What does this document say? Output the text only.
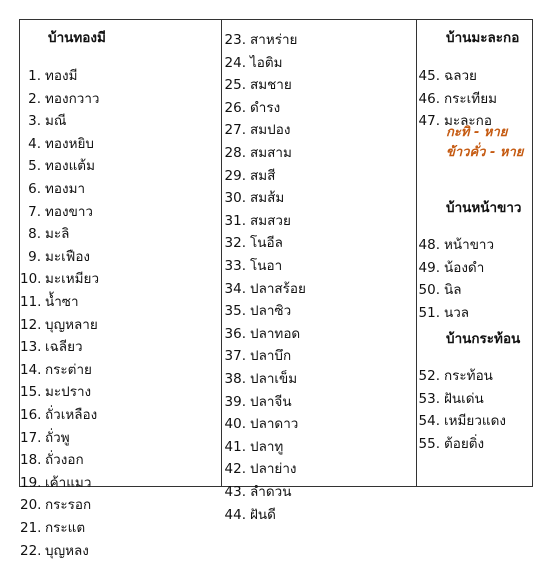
บ้านทองมี
1. ทองมี
2. ทองกวาว
3. มณี
4. ทองหยิบ
5. ทองแต้ม
6. ทองมา
7. ทองขาว
8. มะลิ
9. มะเฟือง
10. มะเหมียว
11. น้ำซา
12. บุญหลาย
13. เฉลียว
14. กระต่าย
15. มะปราง
16. ถั่วเหลือง
17. ถั่วพู
18. ถั่วงอก
19. เค้าแมว
20. กระรอก
21. กระแต
22. บุญหลง
23. สาหร่าย
24. ไอติม
25. สมชาย
26. ดำรง
27. สมปอง
28. สมสาม
29. สมสี
30. สมส้ม
31. สมสวย
32. โนอีล
33. โนอา
34. ปลาสร้อย
35. ปลาซิว
36. ปลาทอด
37. ปลาบึก
38. ปลาเข็ม
39. ปลาจีน
40. ปลาดาว
41. ปลาทู
42. ปลาย่าง
43. ลำดวน
44. ฝันดี
บ้านมะละกอ
45. ฉลวย
46. กระเทียม
47. มะละกอ
กะทิ - หาย
ข้าวคั่ว - หาย
บ้านหน้าขาว
48. หน้าขาว
49. น้องดำ
50. นิล
51. นวล
บ้านกระท้อน
52. กระท้อน
53. ฝันเด่น
54. เหมียวแดง
55. ต้อยติ่ง
